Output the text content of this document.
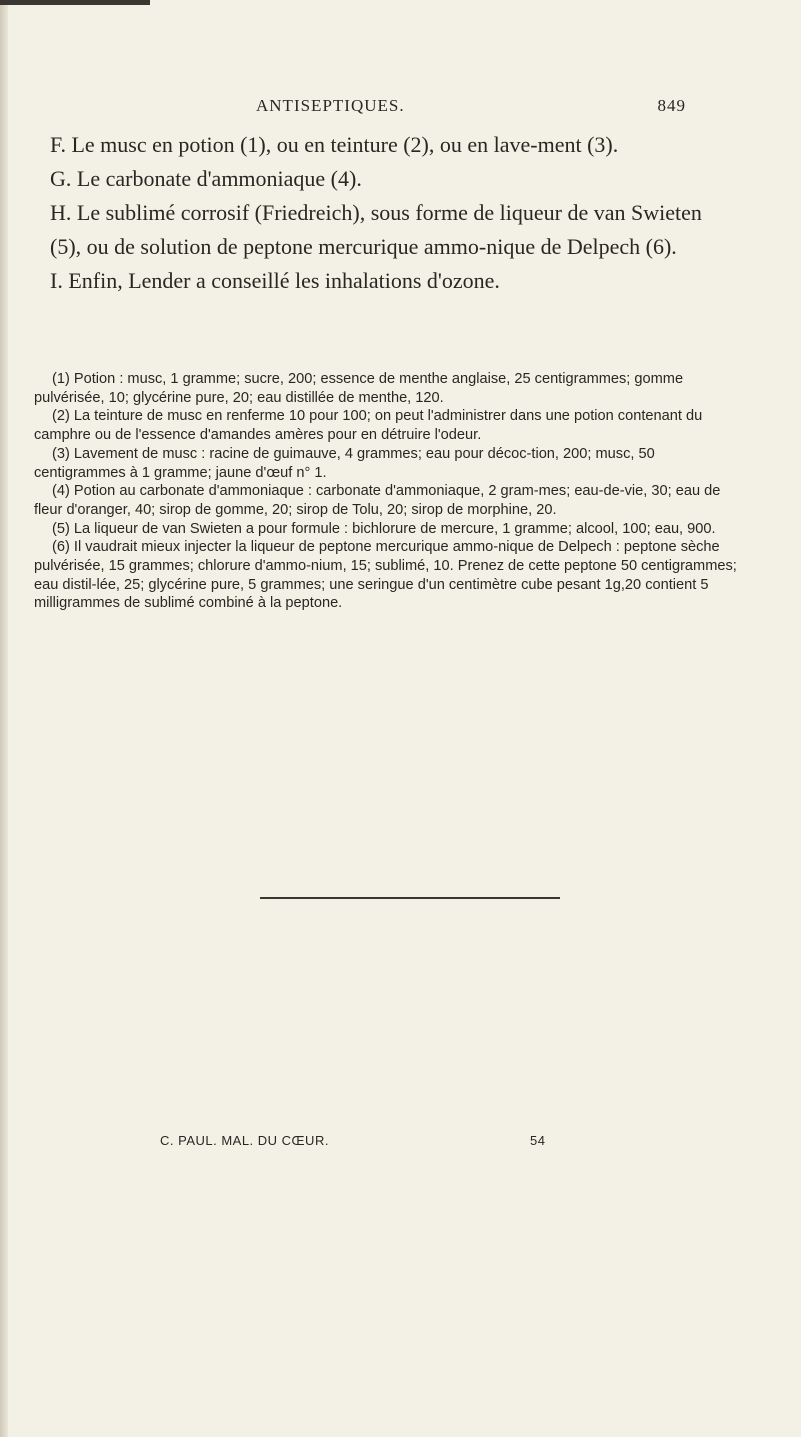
ANTISEPTIQUES.	849

F. Le musc en potion (1), ou en teinture (2), ou en lave-ment (3).

G. Le carbonate d'ammoniaque (4).

H. Le sublimé corrosif (Friedreich), sous forme de liqueur de van Swieten (5), ou de solution de peptone mercurique ammo-nique de Delpech (6).

I. Enfin, Lender a conseillé les inhalations d'ozone.

(1) Potion : musc, 1 gramme; sucre, 200; essence de menthe anglaise, 25 centigrammes; gomme pulvérisée, 10; glycérine pure, 20; eau distillée de menthe, 120.

(2) La teinture de musc en renferme 10 pour 100; on peut l'administrer dans une potion contenant du camphre ou de l'essence d'amandes amères pour en détruire l'odeur.

(3) Lavement de musc : racine de guimauve, 4 grammes; eau pour décoc-tion, 200; musc, 50 centigrammes à 1 gramme; jaune d'œuf n° 1.

(4) Potion au carbonate d'ammoniaque : carbonate d'ammoniaque, 2 gram-mes; eau-de-vie, 30; eau de fleur d'oranger, 40; sirop de gomme, 20; sirop de Tolu, 20; sirop de morphine, 20.

(5) La liqueur de van Swieten a pour formule : bichlorure de mercure, 1 gramme; alcool, 100; eau, 900.

(6) Il vaudrait mieux injecter la liqueur de peptone mercurique ammo-nique de Delpech : peptone sèche pulvérisée, 15 grammes; chlorure d'ammo-nium, 15; sublimé, 10. Prenez de cette peptone 50 centigrammes; eau distil-lée, 25; glycérine pure, 5 grammes; une seringue d'un centimètre cube pesant 1g,20 contient 5 milligrammes de sublimé combiné à la peptone.

C. PAUL. MAL. DU CŒUR.	54
